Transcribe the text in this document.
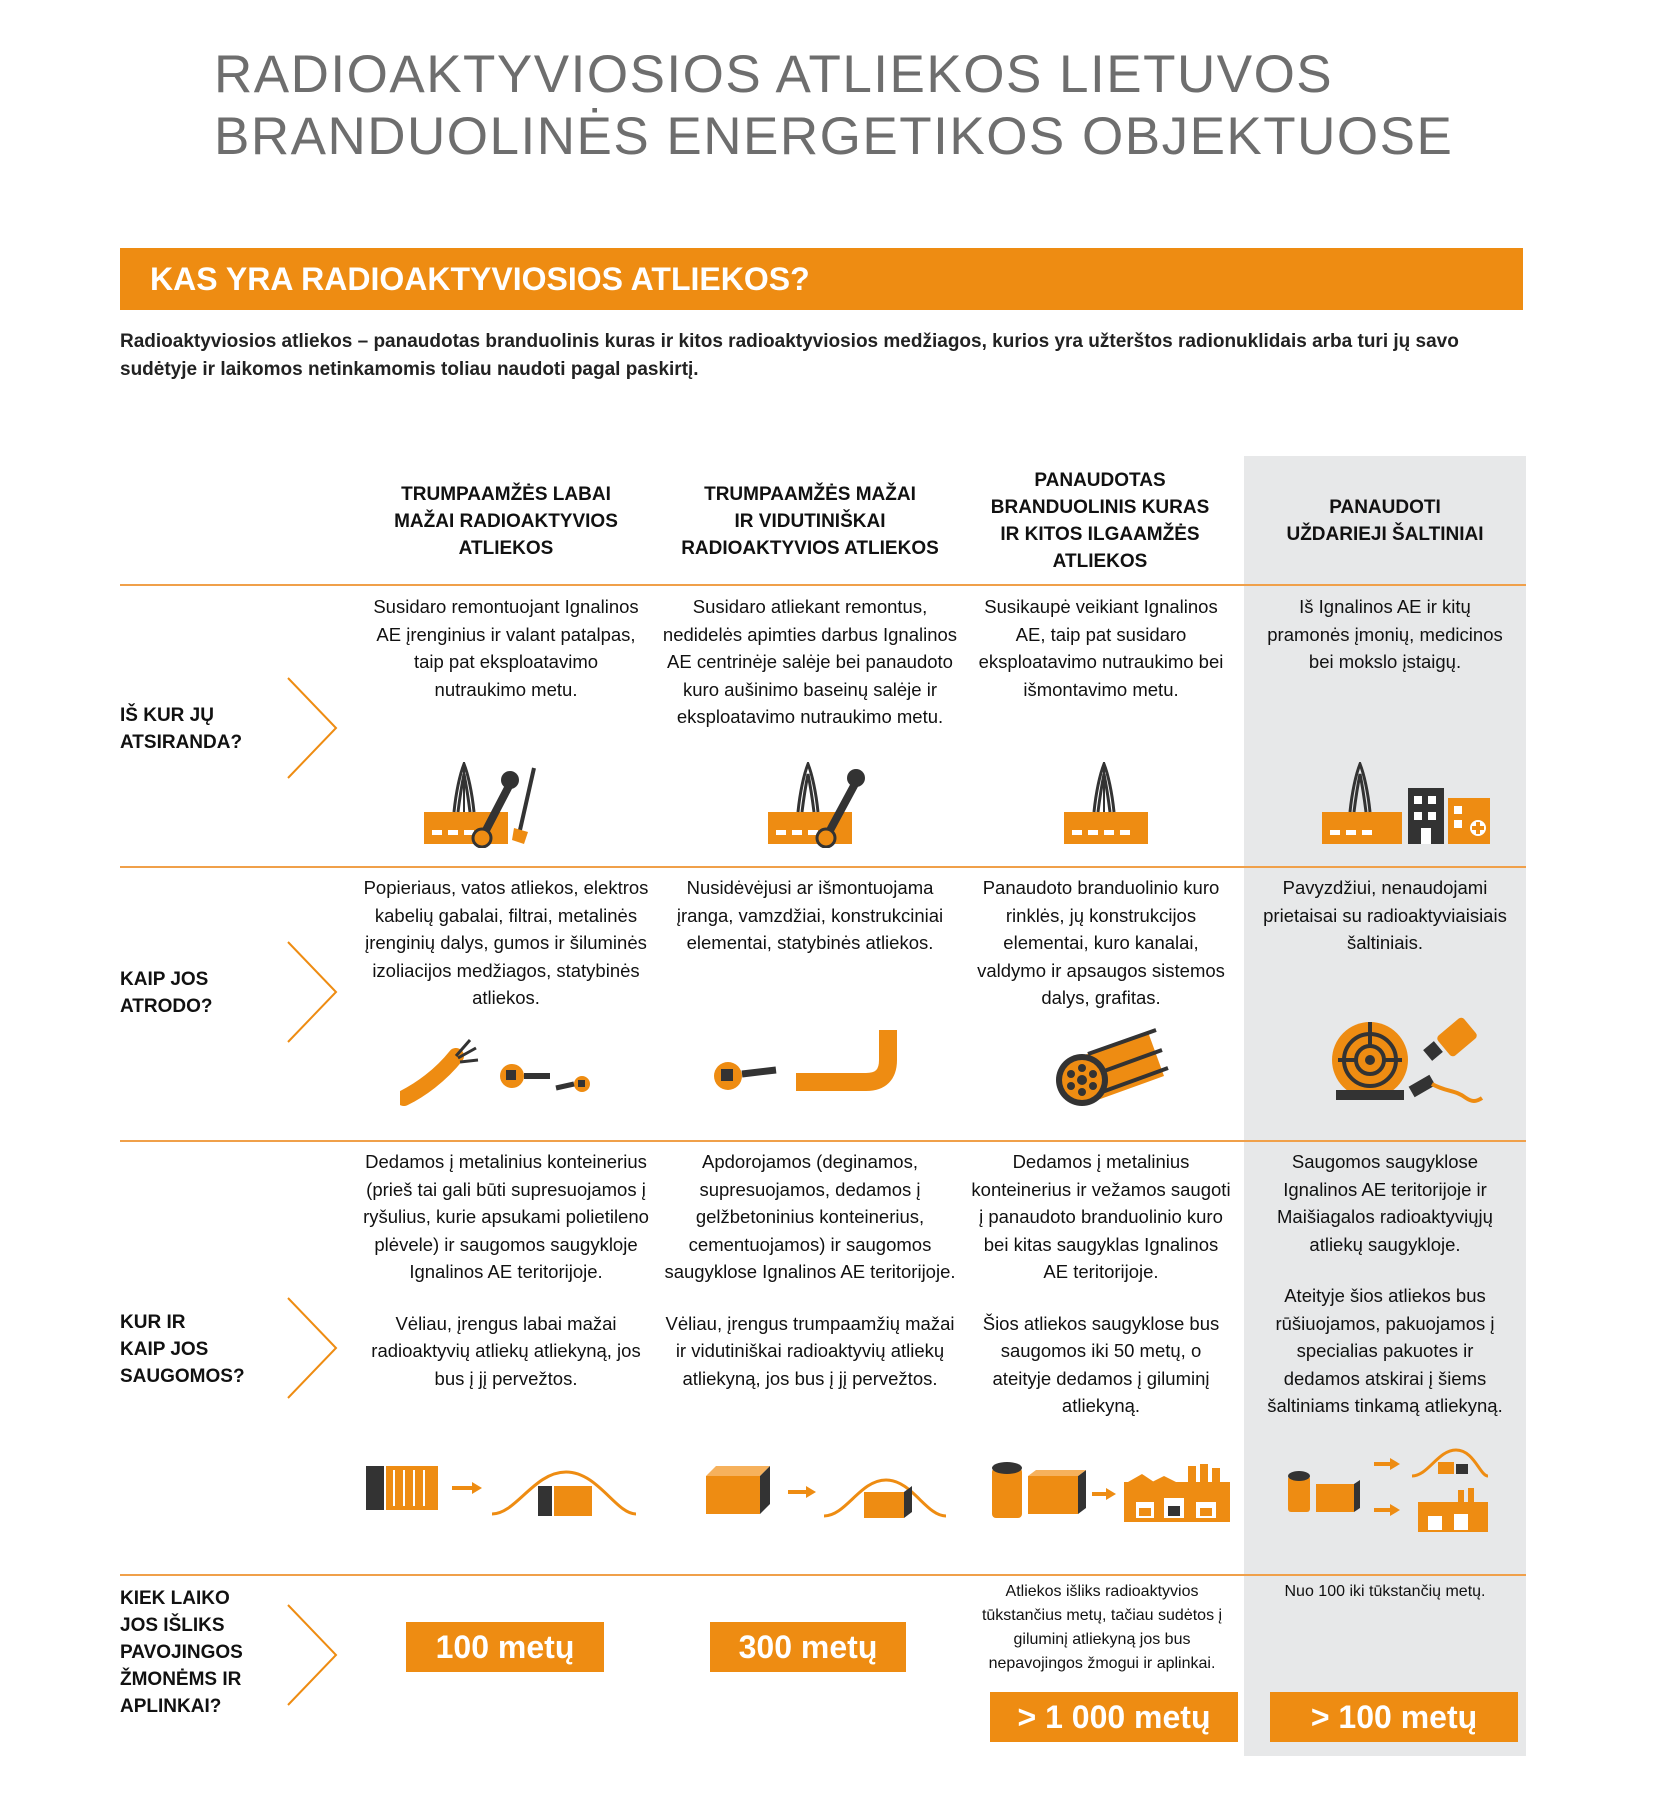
RADIOAKTYVIOSIOS ATLIEKOS LIETUVOS
BRANDUOLINĖS ENERGETIKOS OBJEKTUOSE
KAS YRA RADIOAKTYVIOSIOS ATLIEKOS?
Radioaktyviosios atliekos – panaudotas branduolinis kuras ir kitos radioaktyviosios medžiagos, kurios yra užterštos radionuklidais arba turi jų savo sudėtyje ir laikomos netinkamomis toliau naudoti pagal paskirtį.
TRUMPAAMŽĖS LABAI
MAŽAI RADIOAKTYVIOS
ATLIEKOS
TRUMPAAMŽĖS MAŽAI
IR VIDUTINIŠKAI
RADIOAKTYVIOS ATLIEKOS
PANAUDOTAS
BRANDUOLINIS KURAS
IR KITOS ILGAAMŽĖS
ATLIEKOS
PANAUDOTI
UŽDARIEJI ŠALTINIAI
IŠ KUR JŲ
ATSIRANDA?
KAIP JOS
ATRODO?
KUR IR
KAIP JOS
SAUGOMOS?
KIEK LAIKO
JOS IŠLIKS
PAVOJINGOS
ŽMONĖMS IR
APLINKAI?
Susidaro remontuojant Ignalinos AE įrenginius ir valant patalpas, taip pat eksploatavimo nutraukimo metu.
Susidaro atliekant remontus, nedidelės apimties darbus Ignalinos AE centrinėje salėje bei panaudoto kuro aušinimo baseinų salėje ir eksploatavimo nutraukimo metu.
Susikaupė veikiant Ignalinos AE, taip pat susidaro eksploatavimo nutraukimo bei išmontavimo metu.
Iš Ignalinos AE ir kitų pramonės įmonių, medicinos bei mokslo įstaigų.
Popieriaus, vatos atliekos, elektros kabelių gabalai, filtrai, metalinės įrenginių dalys, gumos ir šiluminės izoliacijos medžiagos, statybinės atliekos.
Nusidėvėjusi ar išmontuojama įranga, vamzdžiai, konstrukciniai elementai, statybinės atliekos.
Panaudoto branduolinio kuro rinklės, jų konstrukcijos elementai, kuro kanalai, valdymo ir apsaugos sistemos dalys, grafitas.
Pavyzdžiui, nenaudojami prietaisai su radioaktyviaisiais šaltiniais.

Dedamos į metalinius konteinerius (prieš tai gali būti supresuojamos į ryšulius, kurie apsukami polietileno plėvele) ir saugomos saugykloje Ignalinos AE teritorijoje.

Vėliau, įrengus labai mažai radioaktyvių atliekų atliekyną, jos bus į jį pervežtos.

Apdorojamos (deginamos, supresuojamos, dedamos į gelžbetoninius konteinerius, cementuojamos) ir saugomos saugyklose Ignalinos AE teritorijoje.

Vėliau, įrengus trumpaamžių mažai ir vidutiniškai radioaktyvių atliekų atliekyną, jos bus į jį pervežtos.

Dedamos į metalinius konteinerius ir vežamos saugoti į panaudoto branduolinio kuro bei kitas saugyklas Ignalinos AE teritorijoje.

Šios atliekos saugyklose bus saugomos iki 50 metų, o ateityje dedamos į giluminį atliekyną.

Saugomos saugyklose Ignalinos AE teritorijoje ir Maišiagalos radioaktyviųjų atliekų saugykloje.

Ateityje šios atliekos bus rūšiuojamos, pakuojamos į specialias pakuotes ir dedamos atskirai į šiems šaltiniams tinkamą atliekyną.

Atliekos išliks radioaktyvios tūkstančius metų, tačiau sudėtos į giluminį atliekyną jos bus nepavojingos žmogui ir aplinkai.
Nuo 100 iki tūkstančių metų.
100 metų	300 metų
> 1 000 metų	> 100 metų
